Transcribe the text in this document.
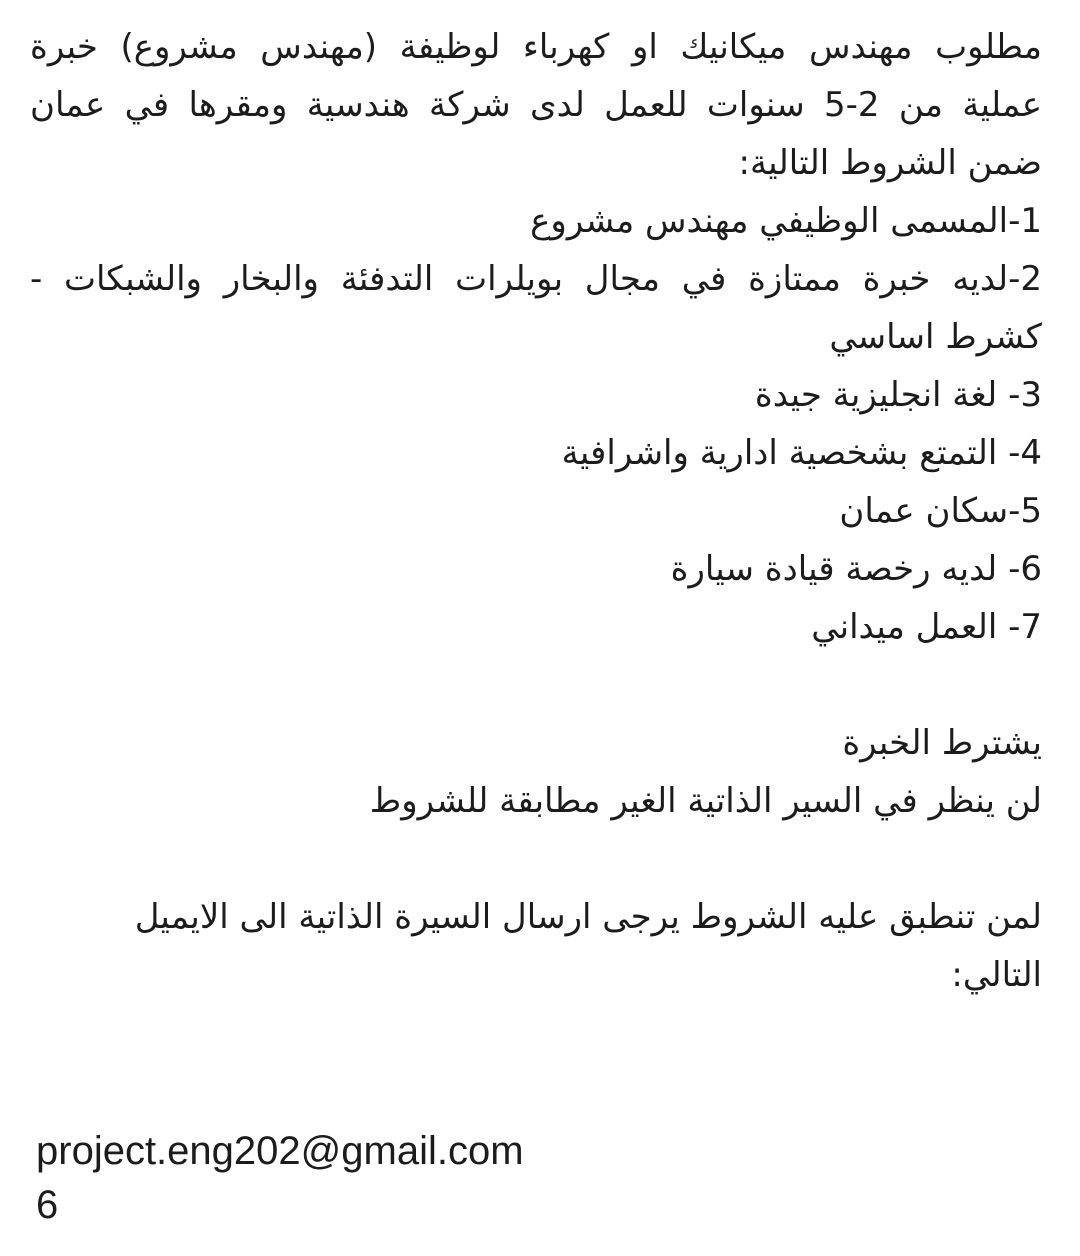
مطلوب مهندس ميكانيك او كهرباء لوظيفة (مهندس مشروع) خبرة
عملية من 2-5 سنوات للعمل لدى شركة هندسية ومقرها في عمان
ضمن الشروط التالية:
1-المسمى الوظيفي مهندس مشروع
2-لديه خبرة ممتازة في مجال بويلرات التدفئة والبخار والشبكات -
كشرط اساسي
3- لغة انجليزية جيدة
4- التمتع بشخصية ادارية واشرافية
5-سكان عمان
6- لديه رخصة قيادة سيارة
7- العمل ميداني
يشترط الخبرة
لن ينظر في السير الذاتية الغير مطابقة للشروط
لمن تنطبق عليه الشروط يرجى ارسال السيرة الذاتية الى الايميل
التالي:
project.eng202@gmail.com
6
